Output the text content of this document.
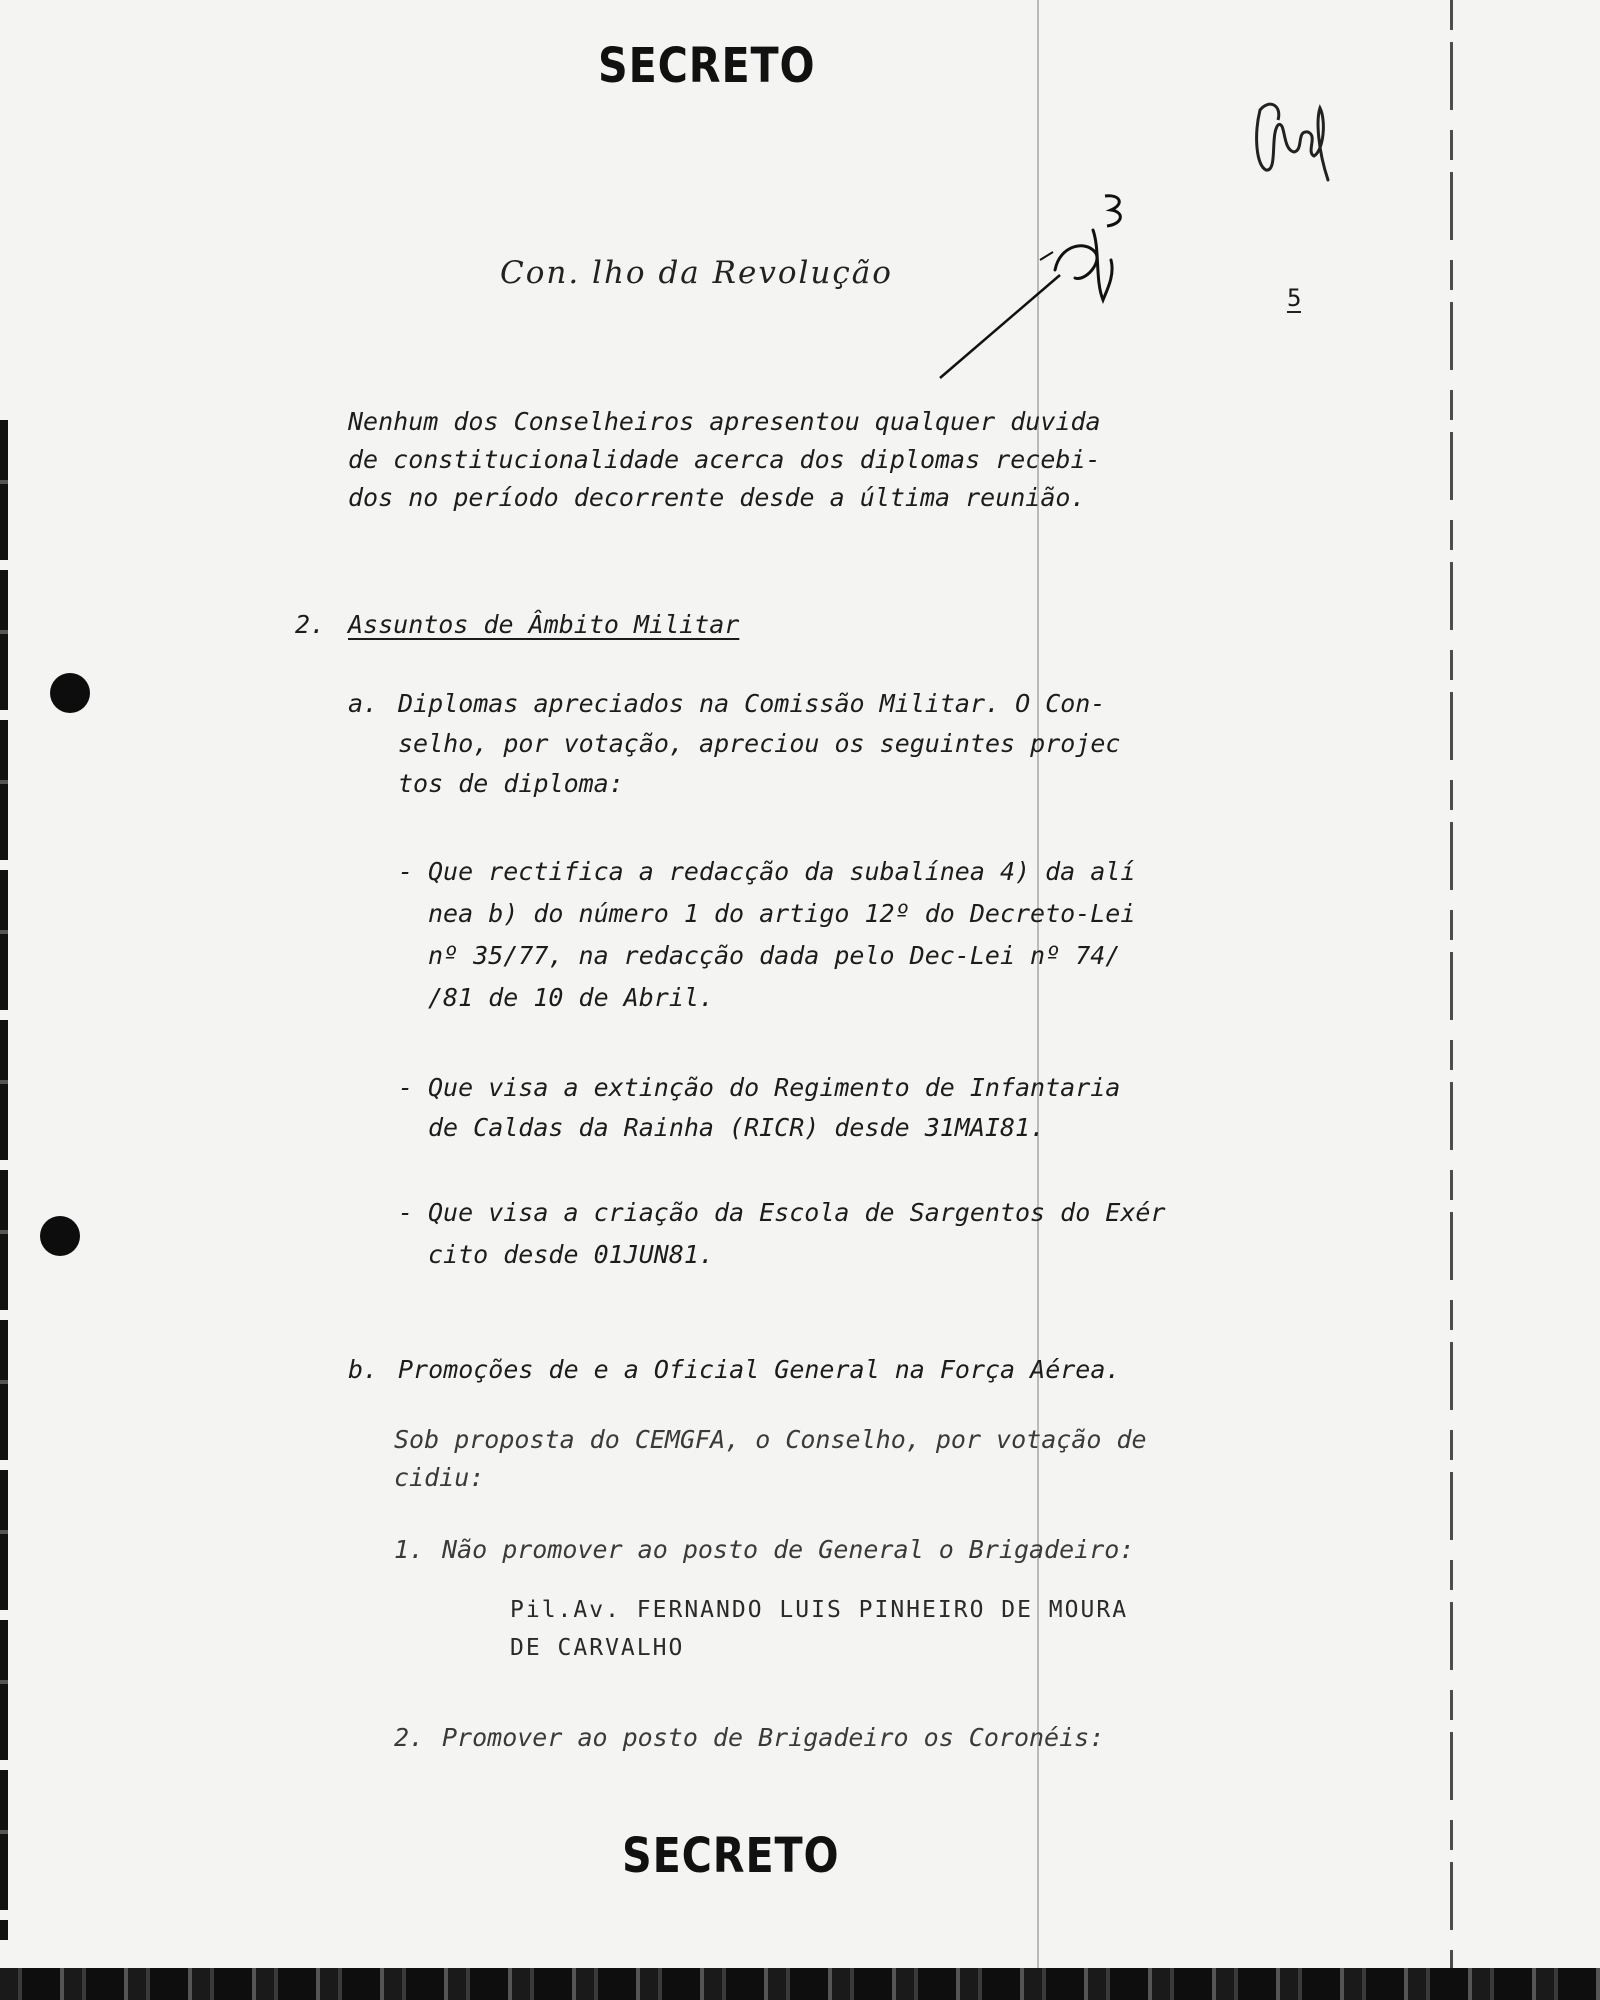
SECRETO
Con. lho da Revolução
5
Nenhum dos Conselheiros apresentou qualquer duvida
de constitucionalidade acerca dos diplomas recebi-
dos no período decorrente desde a última reunião.
2. Assuntos de Âmbito Militar
a. Diplomas apreciados na Comissão Militar. O Con-
selho, por votação, apreciou os seguintes projec
tos de diploma:
- Que rectifica a redacção da subalínea 4) da alí
nea b) do número 1 do artigo 12º do Decreto-Lei
nº 35/77, na redacção dada pelo Dec-Lei nº 74/
/81 de 10 de Abril.
- Que visa a extinção do Regimento de Infantaria
de Caldas da Rainha (RICR) desde 31MAI81.
- Que visa a criação da Escola de Sargentos do Exér
cito desde 01JUN81.
b. Promoções de e a Oficial General na Força Aérea.
Sob proposta do CEMGFA, o Conselho, por votação de
cidiu:
1. Não promover ao posto de General o Brigadeiro:
Pil.Av. FERNANDO LUIS PINHEIRO DE MOURA
DE CARVALHO
2. Promover ao posto de Brigadeiro os Coronéis:
SECRETO
